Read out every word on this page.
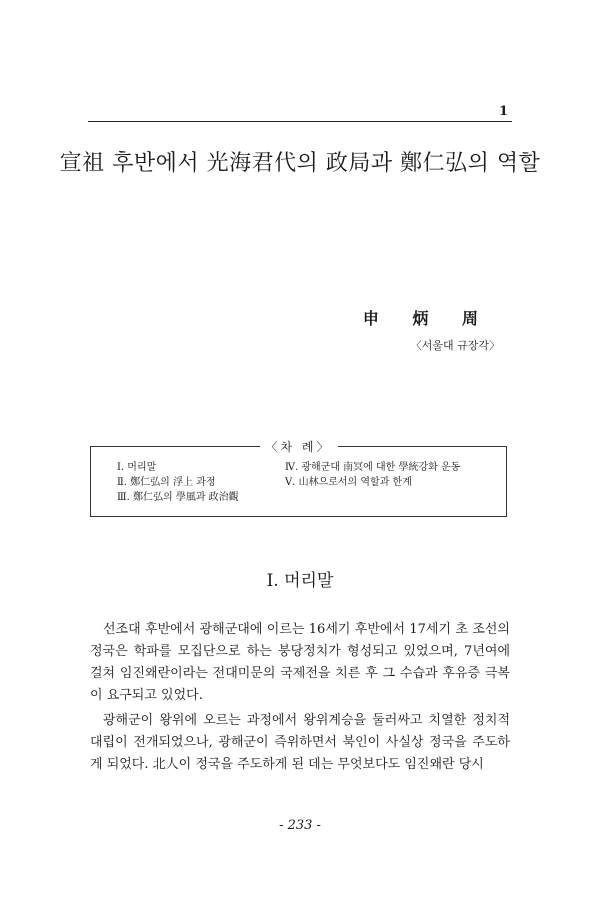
1
宣祖 후반에서 光海君代의 政局과 鄭仁弘의 역할
申 炳 周
〈서울대 규장각〉
〈차 례〉
Ⅰ. 머리말
Ⅱ. 鄭仁弘의 浮上 과정
Ⅲ. 鄭仁弘의 學風과 政治觀
Ⅳ. 광해군대 南冥에 대한 學統강화 운동
Ⅴ. 山林으로서의 역할과 한계
Ⅰ. 머리말

선조대 후반에서 광해군대에 이르는 16세기 후반에서 17세기 초 조선의 정국은 학파를 모집단으로 하는 붕당정치가 형성되고 있었으며, 7년여에 걸쳐 임진왜란이라는 전대미문의 국제전을 치른 후 그 수습과 후유증 극복이 요구되고 있었다.

광해군이 왕위에 오르는 과정에서 왕위계승을 둘러싸고 치열한 정치적 대립이 전개되었으나, 광해군이 즉위하면서 북인이 사실상 정국을 주도하게 되었다. 北人이 정국을 주도하게 된 데는 무엇보다도 임진왜란 당시

- 233 -
